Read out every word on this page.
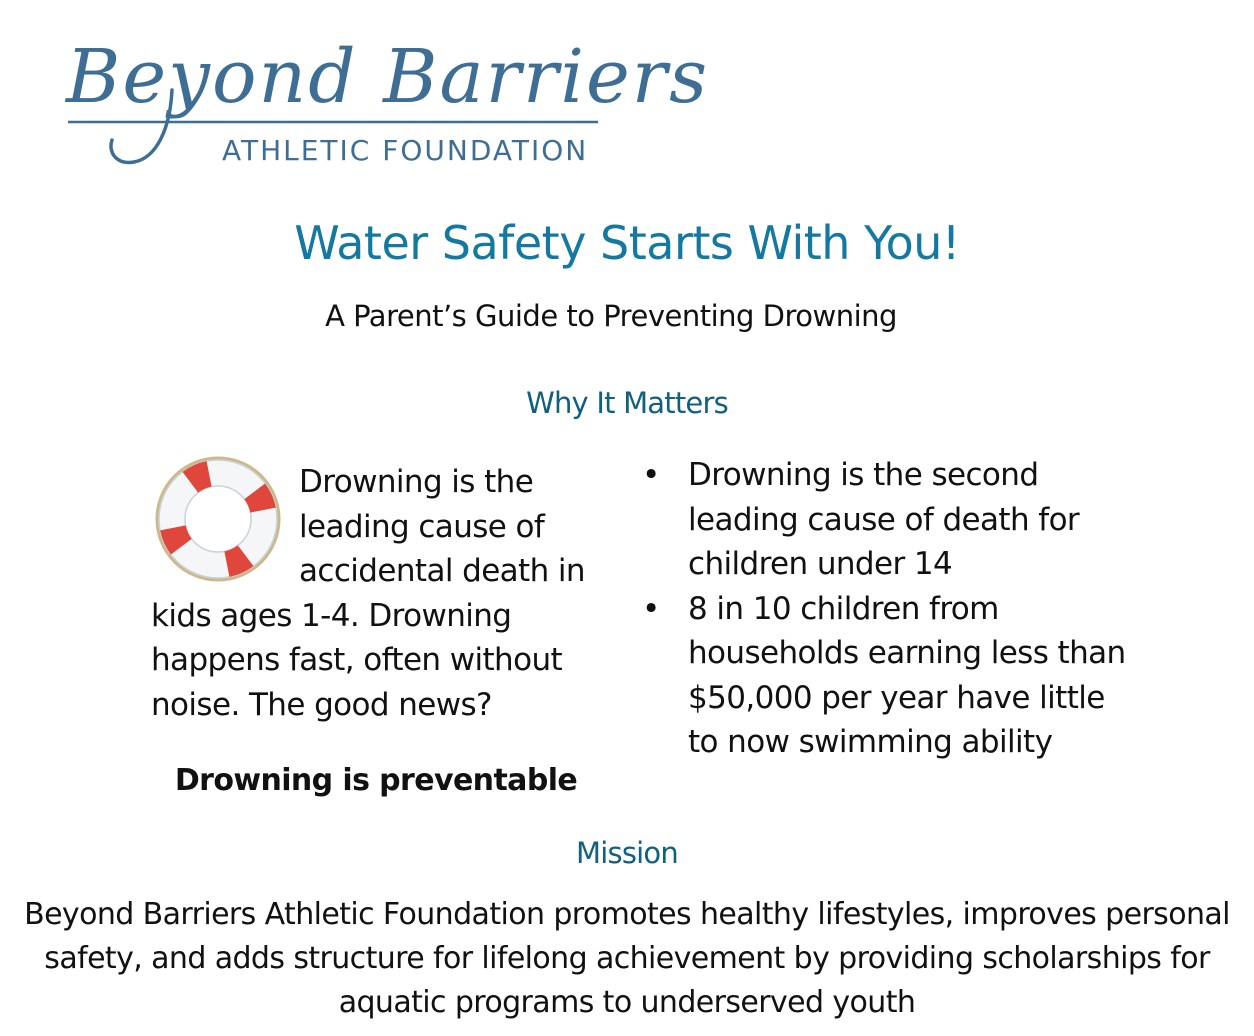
Beyond Barriers
ATHLETIC FOUNDATION
Water Safety Starts With You!

A Parent’s Guide to Preventing Drowning

Why It Matters

Drowning is the leading cause of accidental death in kids ages 1-4. Drowning happens fast, often without noise. The good news?

Drowning is preventable

• Drowning is the second leading cause of death for children under 14
• 8 in 10 children from households earning less than $50,000 per year have little to now swimming ability
Mission

Beyond Barriers Athletic Foundation promotes healthy lifestyles, improves personal safety, and adds structure for lifelong achievement by providing scholarships for aquatic programs to underserved youth
